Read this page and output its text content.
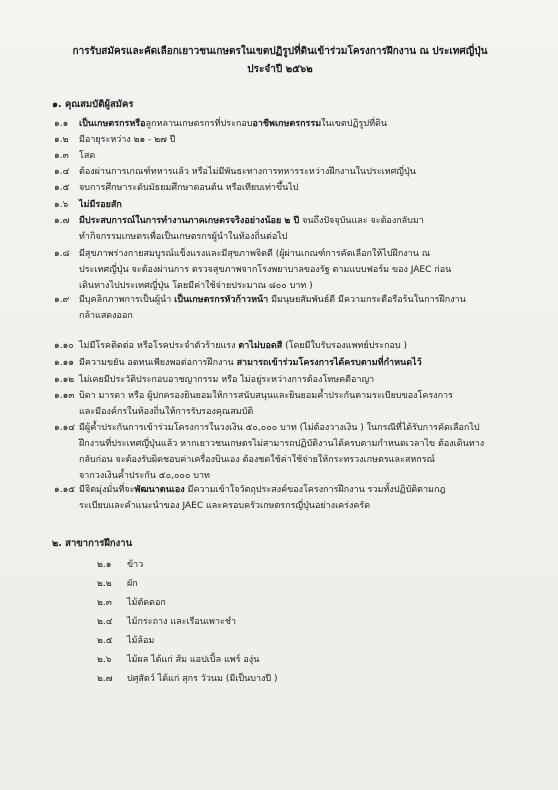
การรับสมัครและคัดเลือกเยาวชนเกษตรในเขตปฏิรูปที่ดินเข้าร่วมโครงการฝึกงาน ณ ประเทศญี่ปุ่น
ประจำปี ๒๕๖๒
๑. คุณสมบัติผู้สมัคร
๑.๑ เป็นเกษตรกรหรือลูกหลานเกษตรกรที่ประกอบอาชีพเกษตรกรรมในเขตปฏิรูปที่ดิน
๑.๒ มีอายุระหว่าง ๒๑ - ๒๗ ปี
๑.๓ โสด
๑.๔ ต้องผ่านการเกณฑ์ทหารแล้ว หรือไม่มีพันธะทางการทหารระหว่างฝึกงานในประเทศญี่ปุ่น
๑.๕ จบการศึกษาระดับมัธยมศึกษาตอนต้น หรือเทียบเท่าขึ้นไป
๑.๖ ไม่มีรอยสัก
๑.๗ มีประสบการณ์ในการทำงานภาคเกษตรจริงอย่างน้อย ๒ ปี จนถึงปัจจุบันและ จะต้องกลับมา
ทำกิจกรรมเกษตรเพื่อเป็นเกษตรกรผู้นำในท้องถิ่นต่อไป
๑.๘ มีสุขภาพร่างกายสมบูรณ์แข็งแรงและมีสุขภาพจิตดี (ผู้ผ่านเกณฑ์การคัดเลือกให้ไปฝึกงาน ณ
ประเทศญี่ปุ่น จะต้องผ่านการ ตรวจสุขภาพจากโรงพยาบาลของรัฐ ตามแบบฟอร์ม ของ JAEC ก่อน
เดินทางไปประเทศญี่ปุ่น โดยมีค่าใช้จ่ายประมาณ ๘๐๐ บาท )
๑.๙ มีบุคลิกภาพการเป็นผู้นำ เป็นเกษตรกรหัวก้าวหน้า มีมนุษยสัมพันธ์ดี มีความกระตือรือร้นในการฝึกงาน
กล้าแสดงออก
๑.๑๐ ไม่มีโรคติดต่อ หรือโรคประจำตัวร้ายแรง ตาไม่บอดสี (โดยมีใบรับรองแพทย์ประกอบ )
๑.๑๑ มีความขยัน อดทนเพียงพอต่อการฝึกงาน สามารถเข้าร่วมโครงการได้ครบตามที่กำหนดไว้
๑.๑๒ ไม่เคยมีประวัติประกอบอาชญากรรม หรือ ไม่อยู่ระหว่างการต้องโทษคดีอาญา
๑.๑๓ บิดา มารดา หรือ ผู้ปกครองยินยอมให้การสนับสนุนและยินยอมค้ำประกันตามระเบียบของโครงการ
และมีองค์กรในท้องถิ่นให้การรับรองคุณสมบัติ
๑.๑๔ มีผู้ค้ำประกันการเข้าร่วมโครงการในวงเงิน ๕๐,๐๐๐ บาท (ไม่ต้องวางเงิน ) ในกรณีที่ได้รับการคัดเลือกไป
ฝึกงานที่ประเทศญี่ปุ่นแล้ว หากเยาวชนเกษตรไม่สามารถปฏิบัติงานได้ครบตามกำหนดเวลาไข ต้องเดินทาง
กลับก่อน จะต้องรับผิดชอบค่าเครื่องบินเอง ต้องชดใช้ค่าใช้จ่ายให้กระทรวงเกษตรและสหกรณ์
จากวงเงินค้ำประกัน ๕๐,๐๐๐ บาท
๑.๑๕ มีจิตมุ่งมั่นที่จะพัฒนาตนเอง มีความเข้าใจวัตถุประสงค์ของโครงการฝึกงาน รวมทั้งปฏิบัติตามกฎ
ระเบียบและคำแนะนำของ JAEC และครอบครัวเกษตรกรญี่ปุ่นอย่างเคร่งครัด
๒. สาขาการฝึกงาน
๒.๑ ข้าว
๒.๒ ผัก
๒.๓ ไม้ตัดดอก
๒.๔ ไม้กระถาง และเรือนเพาะชำ
๒.๕ ไม้ล้อม
๒.๖ ไม้ผล ได้แก่ ส้ม แอปเปิ้ล แพร์ องุ่น
๒.๗ ปศุสัตว์ ได้แก่ สุกร วัวนม (มีเป็นบางปี )
